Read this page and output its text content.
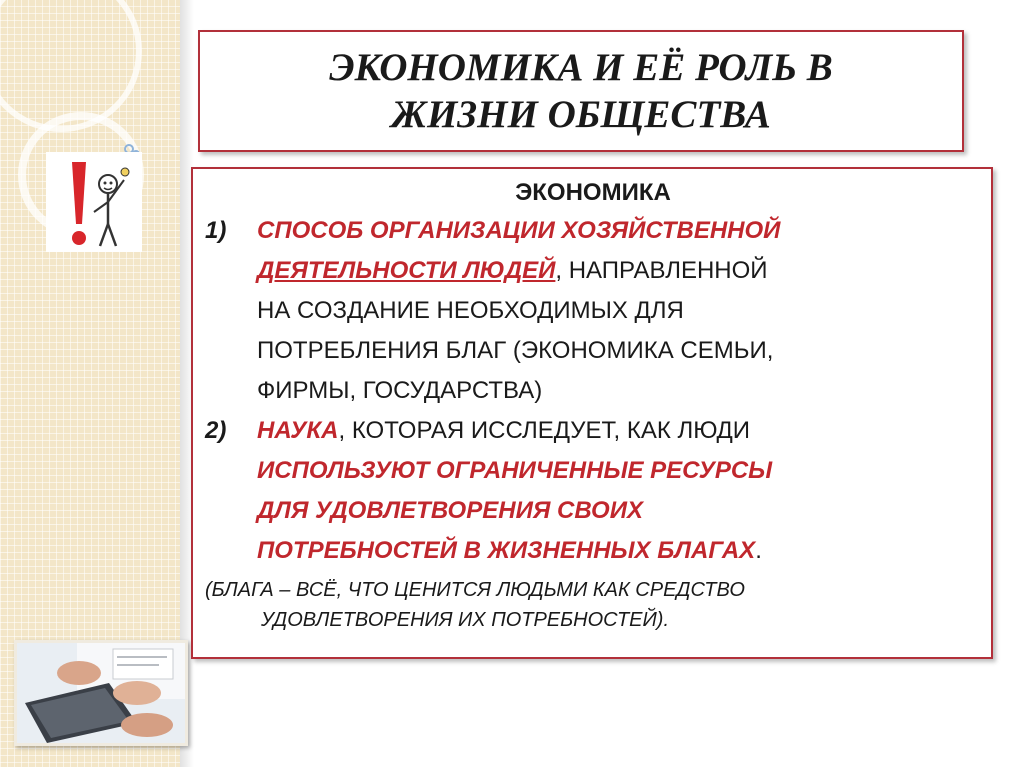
ЭКОНОМИКА И ЕЁ РОЛЬ В
ЖИЗНИ ОБЩЕСТВА

ЭКОНОМИКА
1)	СПОСОБ ОРГАНИЗАЦИИ ХОЗЯЙСТВЕННОЙ
ДЕЯТЕЛЬНОСТИ ЛЮДЕЙ, НАПРАВЛЕННОЙ
НА СОЗДАНИЕ НЕОБХОДИМЫХ ДЛЯ
ПОТРЕБЛЕНИЯ БЛАГ (ЭКОНОМИКА СЕМЬИ,
ФИРМЫ, ГОСУДАРСТВА)
2)	НАУКА, КОТОРАЯ ИССЛЕДУЕТ, КАК ЛЮДИ
ИСПОЛЬЗУЮТ ОГРАНИЧЕННЫЕ РЕСУРСЫ
ДЛЯ УДОВЛЕТВОРЕНИЯ СВОИХ
ПОТРЕБНОСТЕЙ В ЖИЗНЕННЫХ БЛАГАХ.
(БЛАГА – ВСЁ, ЧТО ЦЕНИТСЯ ЛЮДЬМИ КАК СРЕДСТВО
УДОВЛЕТВОРЕНИЯ ИХ ПОТРЕБНОСТЕЙ).
